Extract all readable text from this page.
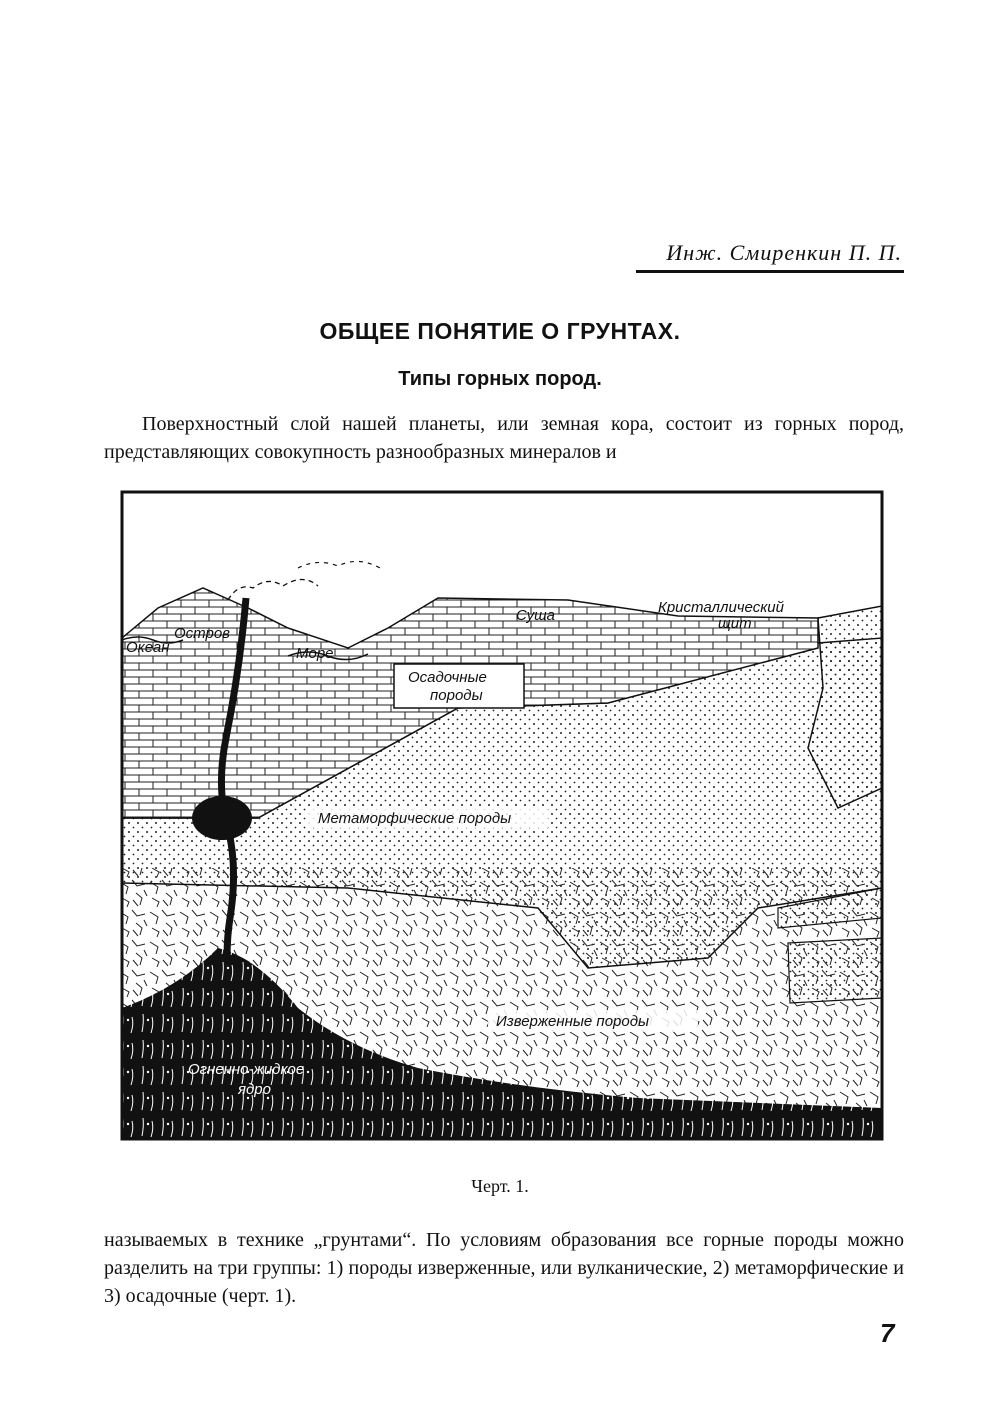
Инж. Смиренкин П. П.
ОБЩЕЕ ПОНЯТИЕ О ГРУНТАХ.
Типы горных пород.
Поверхностный слой нашей планеты, или земная кора, состоит из горных пород, представляющих совокупность разнообразных минералов и
Океан
Остров
Море
Суша	Кристаллический
щит
Осадочные
породы
Метаморфические породы
Изверженные породы
Огненно-жидкое
ядро
Черт. 1.
называемых в технике „грунтами“. По условиям образования все горные породы можно разделить на три группы: 1) породы изверженные, или вулканические, 2) метаморфические и 3) осадочные (черт. 1).
7
